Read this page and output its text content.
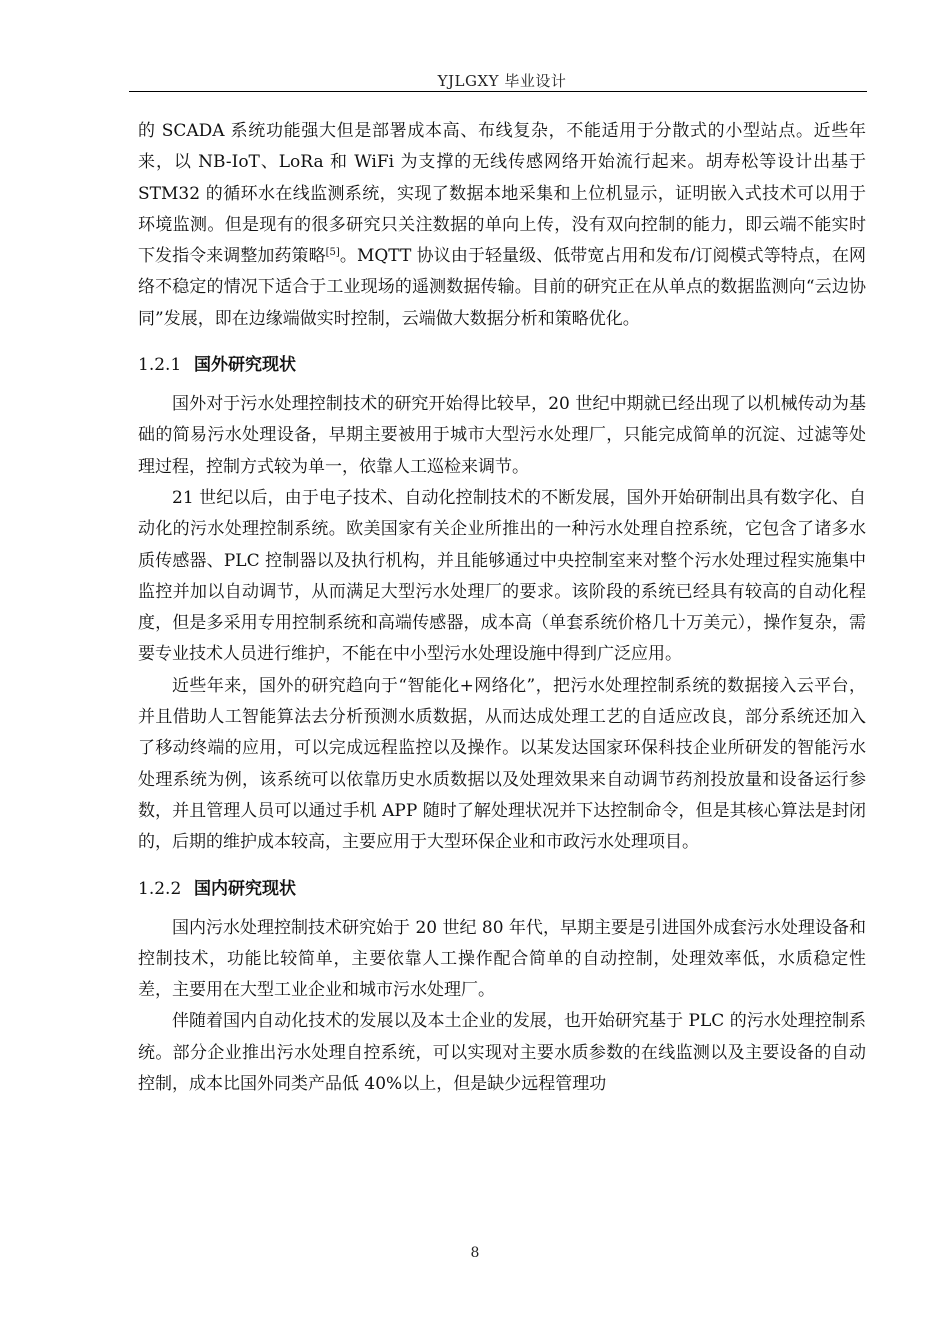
YJLGXY 毕业设计

的 SCADA 系统功能强大但是部署成本高、布线复杂，不能适用于分散式的小型站点。近些年来，以 NB-IoT、LoRa 和 WiFi 为支撑的无线传感网络开始流行起来。胡寿松等设计出基于 STM32 的循环水在线监测系统，实现了数据本地采集和上位机显示，证明嵌入式技术可以用于环境监测。但是现有的很多研究只关注数据的单向上传，没有双向控制的能力，即云端不能实时下发指令来调整加药策略[5]。MQTT 协议由于轻量级、低带宽占用和发布/订阅模式等特点，在网络不稳定的情况下适合于工业现场的遥测数据传输。目前的研究正在从单点的数据监测向“云边协同”发展，即在边缘端做实时控制，云端做大数据分析和策略优化。

1.2.1 国外研究现状

国外对于污水处理控制技术的研究开始得比较早，20 世纪中期就已经出现了以机械传动为基础的简易污水处理设备，早期主要被用于城市大型污水处理厂，只能完成简单的沉淀、过滤等处理过程，控制方式较为单一，依靠人工巡检来调节。

21 世纪以后，由于电子技术、自动化控制技术的不断发展，国外开始研制出具有数字化、自动化的污水处理控制系统。欧美国家有关企业所推出的一种污水处理自控系统，它包含了诸多水质传感器、PLC 控制器以及执行机构，并且能够通过中央控制室来对整个污水处理过程实施集中监控并加以自动调节，从而满足大型污水处理厂的要求。该阶段的系统已经具有较高的自动化程度，但是多采用专用控制系统和高端传感器，成本高（单套系统价格几十万美元），操作复杂，需要专业技术人员进行维护，不能在中小型污水处理设施中得到广泛应用。

近些年来，国外的研究趋向于“智能化+网络化”，把污水处理控制系统的数据接入云平台，并且借助人工智能算法去分析预测水质数据，从而达成处理工艺的自适应改良，部分系统还加入了移动终端的应用，可以完成远程监控以及操作。以某发达国家环保科技企业所研发的智能污水处理系统为例，该系统可以依靠历史水质数据以及处理效果来自动调节药剂投放量和设备运行参数，并且管理人员可以通过手机 APP 随时了解处理状况并下达控制命令，但是其核心算法是封闭的，后期的维护成本较高，主要应用于大型环保企业和市政污水处理项目。

1.2.2 国内研究现状

国内污水处理控制技术研究始于 20 世纪 80 年代，早期主要是引进国外成套污水处理设备和控制技术，功能比较简单，主要依靠人工操作配合简单的自动控制，处理效率低，水质稳定性差，主要用在大型工业企业和城市污水处理厂。

伴随着国内自动化技术的发展以及本土企业的发展，也开始研究基于 PLC 的污水处理控制系统。部分企业推出污水处理自控系统，可以实现对主要水质参数的在线监测以及主要设备的自动控制，成本比国外同类产品低 40%以上，但是缺少远程管理功

8
